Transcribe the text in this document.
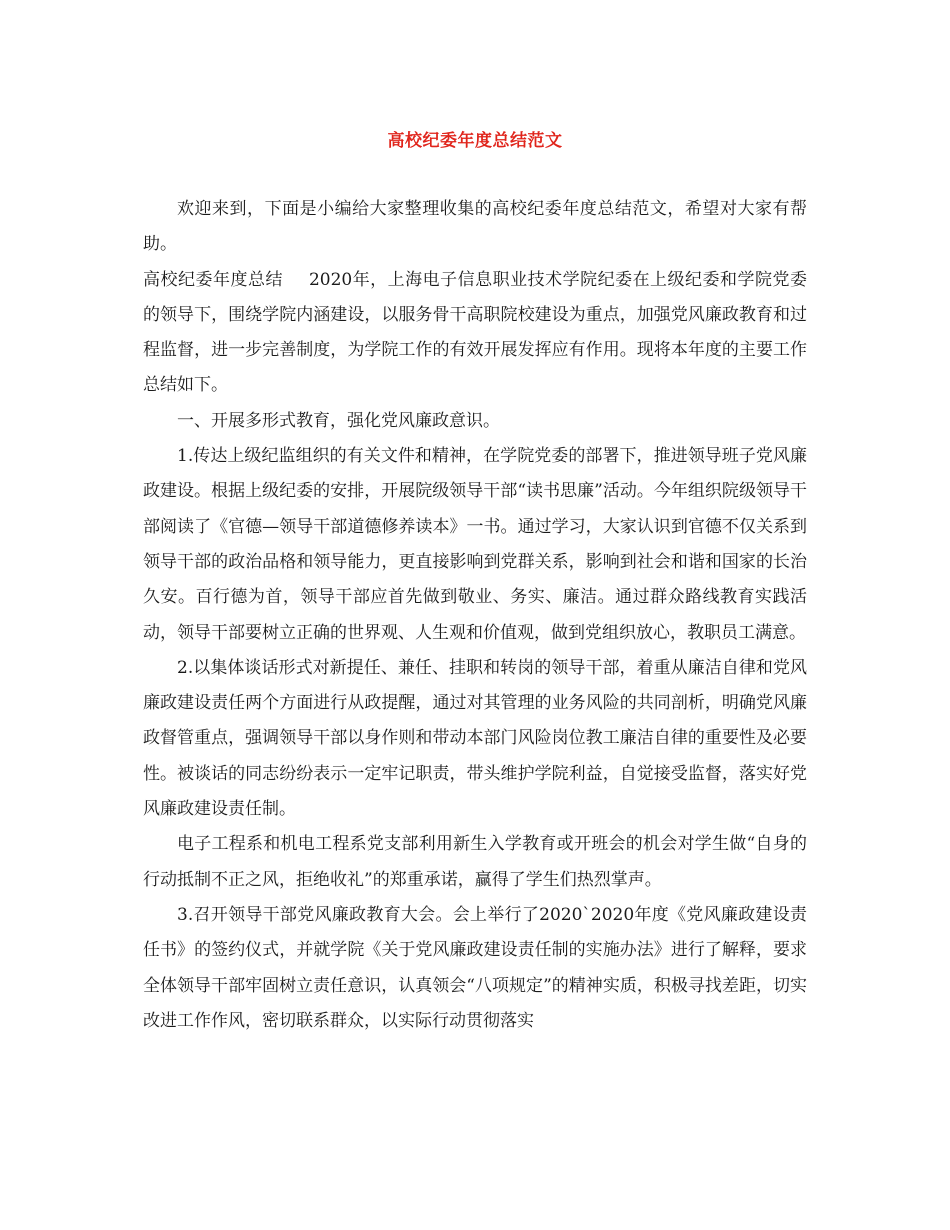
高校纪委年度总结范文

欢迎来到，下面是小编给大家整理收集的高校纪委年度总结范文，希望对大家有帮助。

高校纪委年度总结 2020年，上海电子信息职业技术学院纪委在上级纪委和学院党委的领导下，围绕学院内涵建设，以服务骨干高职院校建设为重点，加强党风廉政教育和过程监督，进一步完善制度，为学院工作的有效开展发挥应有作用。现将本年度的主要工作总结如下。

一、开展多形式教育，强化党风廉政意识。

1.传达上级纪监组织的有关文件和精神，在学院党委的部署下，推进领导班子党风廉政建设。根据上级纪委的安排，开展院级领导干部“读书思廉”活动。今年组织院级领导干部阅读了《官德—领导干部道德修养读本》一书。通过学习，大家认识到官德不仅关系到领导干部的政治品格和领导能力，更直接影响到党群关系，影响到社会和谐和国家的长治久安。百行德为首，领导干部应首先做到敬业、务实、廉洁。通过群众路线教育实践活动，领导干部要树立正确的世界观、人生观和价值观，做到党组织放心，教职员工满意。

2.以集体谈话形式对新提任、兼任、挂职和转岗的领导干部，着重从廉洁自律和党风廉政建设责任两个方面进行从政提醒，通过对其管理的业务风险的共同剖析，明确党风廉政督管重点，强调领导干部以身作则和带动本部门风险岗位教工廉洁自律的重要性及必要性。被谈话的同志纷纷表示一定牢记职责，带头维护学院利益，自觉接受监督，落实好党风廉政建设责任制。

电子工程系和机电工程系党支部利用新生入学教育或开班会的机会对学生做“自身的行动抵制不正之风，拒绝收礼”的郑重承诺，赢得了学生们热烈掌声。

3.召开领导干部党风廉政教育大会。会上举行了2020`2020年度《党风廉政建设责任书》的签约仪式，并就学院《关于党风廉政建设责任制的实施办法》进行了解释，要求全体领导干部牢固树立责任意识，认真领会“八项规定”的精神实质，积极寻找差距，切实改进工作作风，密切联系群众，以实际行动贯彻落实
